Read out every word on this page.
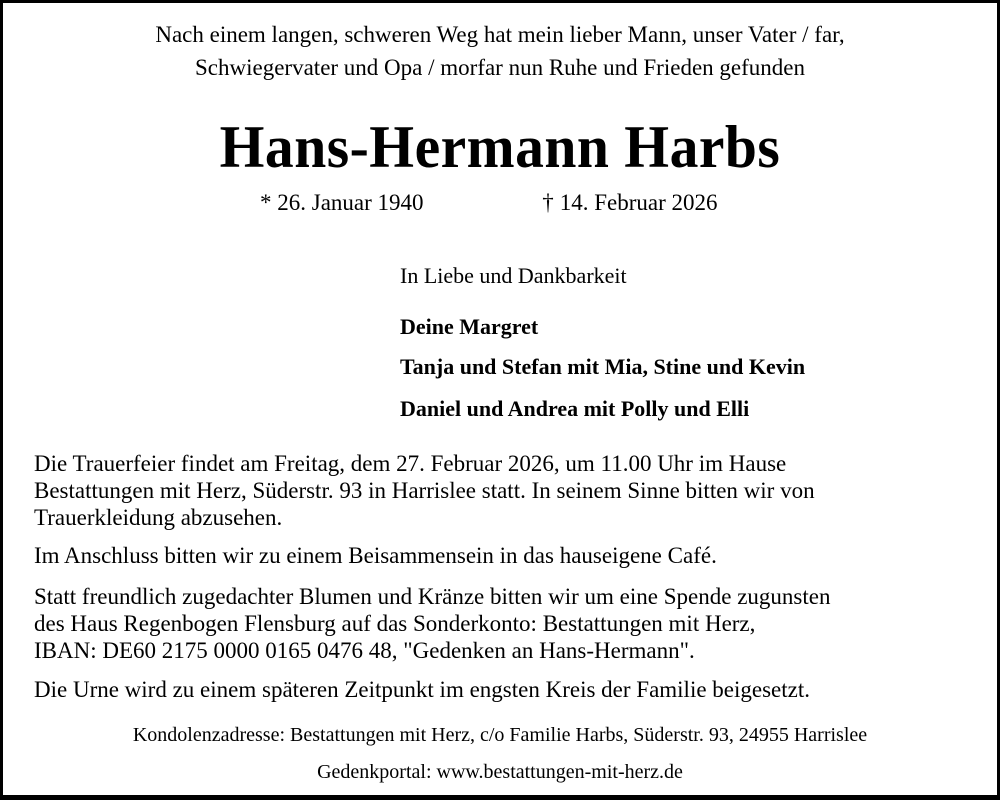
Nach einem langen, schweren Weg hat mein lieber Mann, unser Vater / far,
Schwiegervater und Opa / morfar nun Ruhe und Frieden gefunden
Hans-Hermann Harbs
* 26. Januar 1940	† 14. Februar 2026
In Liebe und Dankbarkeit
Deine Margret
Tanja und Stefan mit Mia, Stine und Kevin
Daniel und Andrea mit Polly und Elli
Die Trauerfeier findet am Freitag, dem 27. Februar 2026, um 11.00 Uhr im Hause
Bestattungen mit Herz, Süderstr. 93 in Harrislee statt. In seinem Sinne bitten wir von
Trauerkleidung abzusehen.
Im Anschluss bitten wir zu einem Beisammensein in das hauseigene Café.
Statt freundlich zugedachter Blumen und Kränze bitten wir um eine Spende zugunsten
des Haus Regenbogen Flensburg auf das Sonderkonto: Bestattungen mit Herz,
IBAN: DE60 2175 0000 0165 0476 48, "Gedenken an Hans-Hermann".
Die Urne wird zu einem späteren Zeitpunkt im engsten Kreis der Familie beigesetzt.
Kondolenzadresse: Bestattungen mit Herz, c/o Familie Harbs, Süderstr. 93, 24955 Harrislee
Gedenkportal: www.bestattungen-mit-herz.de
